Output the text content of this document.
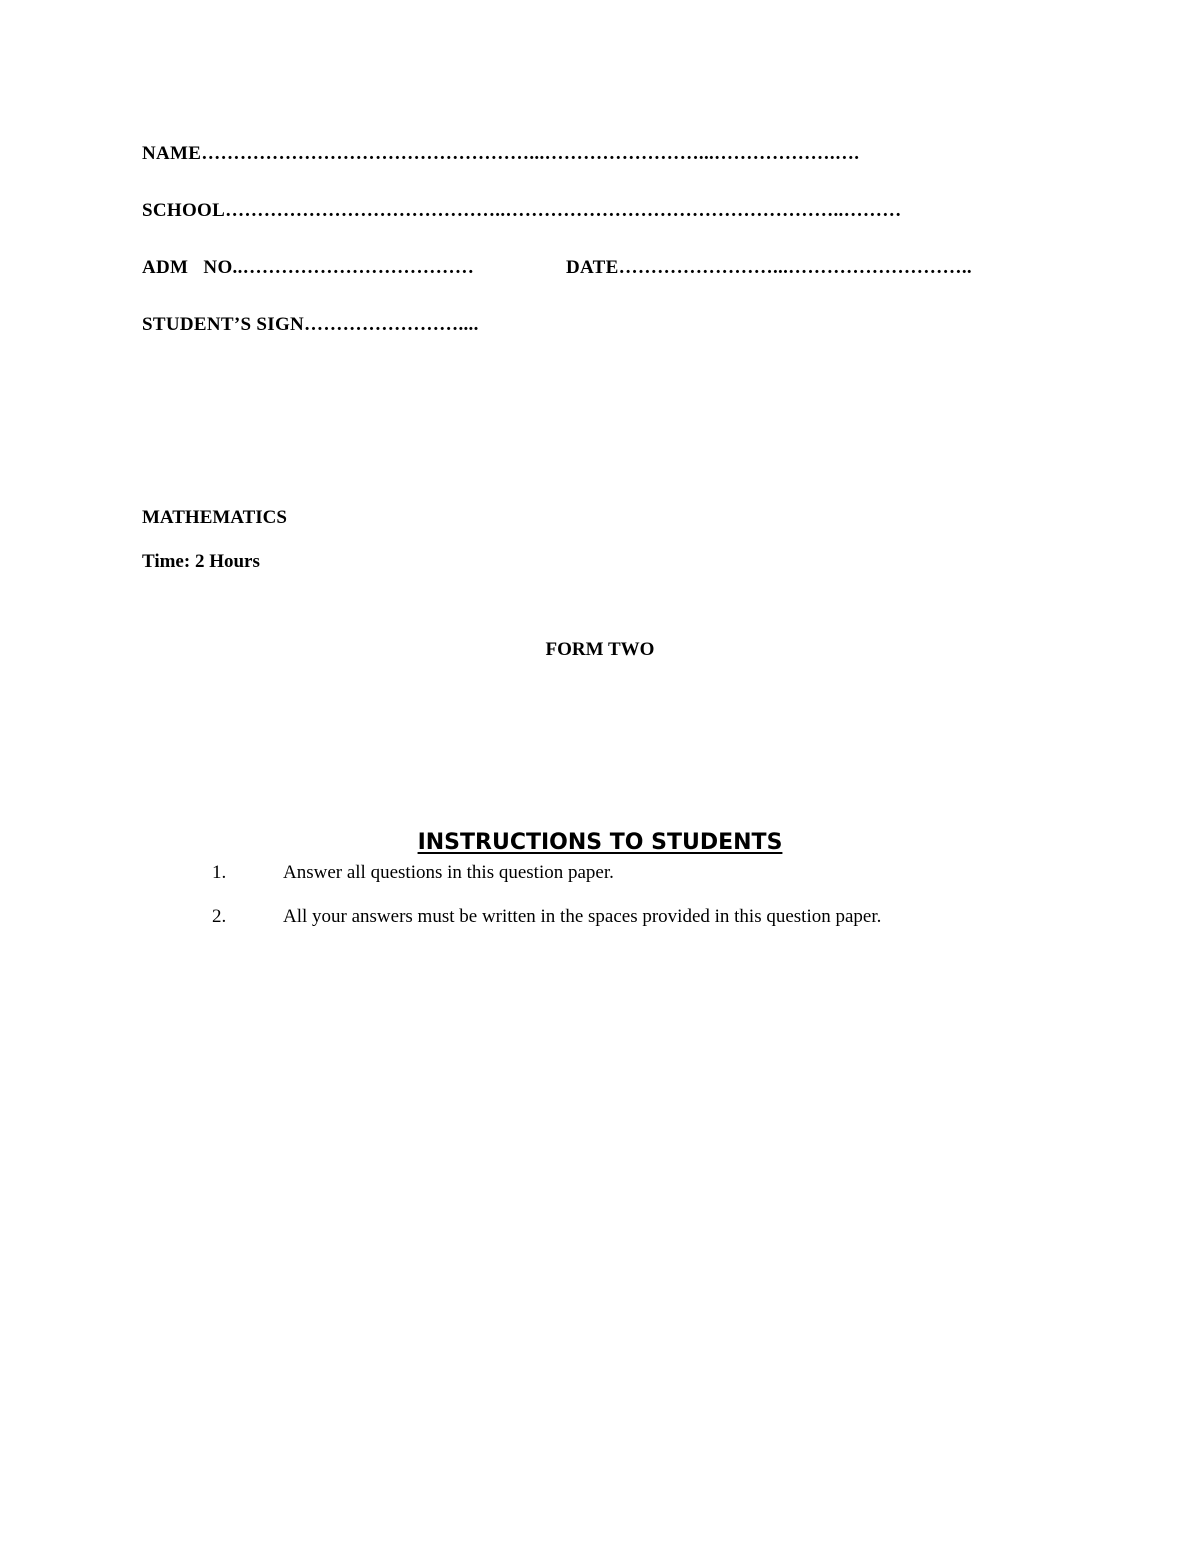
NAME……………………………………………...……………………...……………….….
SCHOOL……………………………………..……………………………………………..………
ADM   NO..………………………………	DATE……………………...………………………..
STUDENT’S SIGN……………………....
MATHEMATICS
Time: 2 Hours
FORM TWO
INSTRUCTIONS TO STUDENTS
1.	Answer all questions in this question paper.
2.	All your answers must be written in the spaces provided in this question paper.
